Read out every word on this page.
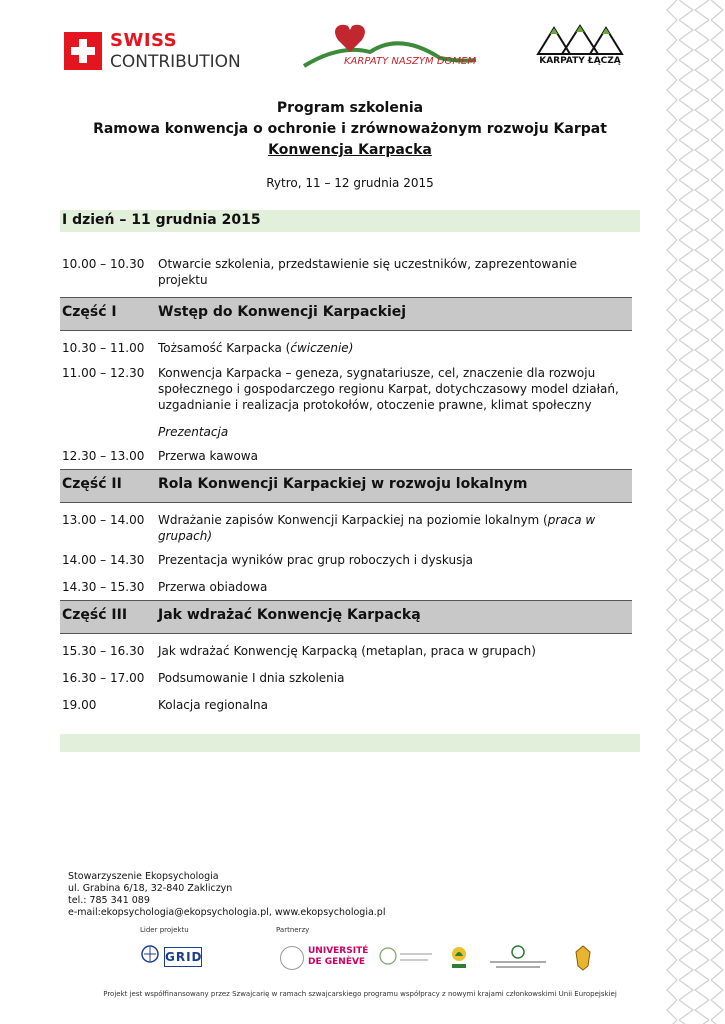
SWISS
CONTRIBUTION	KARPATY NASZYM DOMEM	KARPATY ŁĄCZĄ
Program szkolenia
Ramowa konwencja o ochronie i zrównoważonym rozwoju Karpat
Konwencja Karpacka
Rytro, 11 – 12 grudnia 2015
I dzień – 11 grudnia 2015
10.00 – 10.30	Otwarcie szkolenia, przedstawienie się uczestników, zaprezentowanie projektu
Część I	Wstęp do Konwencji Karpackiej
10.30 – 11.00	Tożsamość Karpacka (ćwiczenie)
11.00 – 12.30	Konwencja Karpacka – geneza, sygnatariusze, cel, znaczenie dla rozwoju społecznego i gospodarczego regionu Karpat, dotychczasowy model działań, uzgadnianie i realizacja protokołów, otoczenie prawne, klimat społeczny
Prezentacja
12.30 – 13.00	Przerwa kawowa
Część II	Rola Konwencji Karpackiej w rozwoju lokalnym
13.00 – 14.00	Wdrażanie zapisów Konwencji Karpackiej na poziomie lokalnym (praca w grupach)
14.00 – 14.30	Prezentacja wyników prac grup roboczych i dyskusja
14.30 – 15.30	Przerwa obiadowa
Część III Jak wdrażać Konwencję Karpacką
15.30 – 16.30	Jak wdrażać Konwencję Karpacką (metaplan, praca w grupach)
16.30 – 17.00	Podsumowanie I dnia szkolenia
19.00	Kolacja regionalna
Stowarzyszenie Ekopsychologia
ul. Grabina 6/18, 32-840 Zakliczyn
tel.: 785 341 089
e-mail:ekopsychologia@ekopsychologia.pl, www.ekopsychologia.pl
Lider projektu	Partnerzy
GRID	UNIVERSITÉ
DE GENÈVE
Projekt jest współfinansowany przez Szwajcarię w ramach szwajcarskiego programu współpracy z nowymi krajami członkowskimi Unii Europejskiej
